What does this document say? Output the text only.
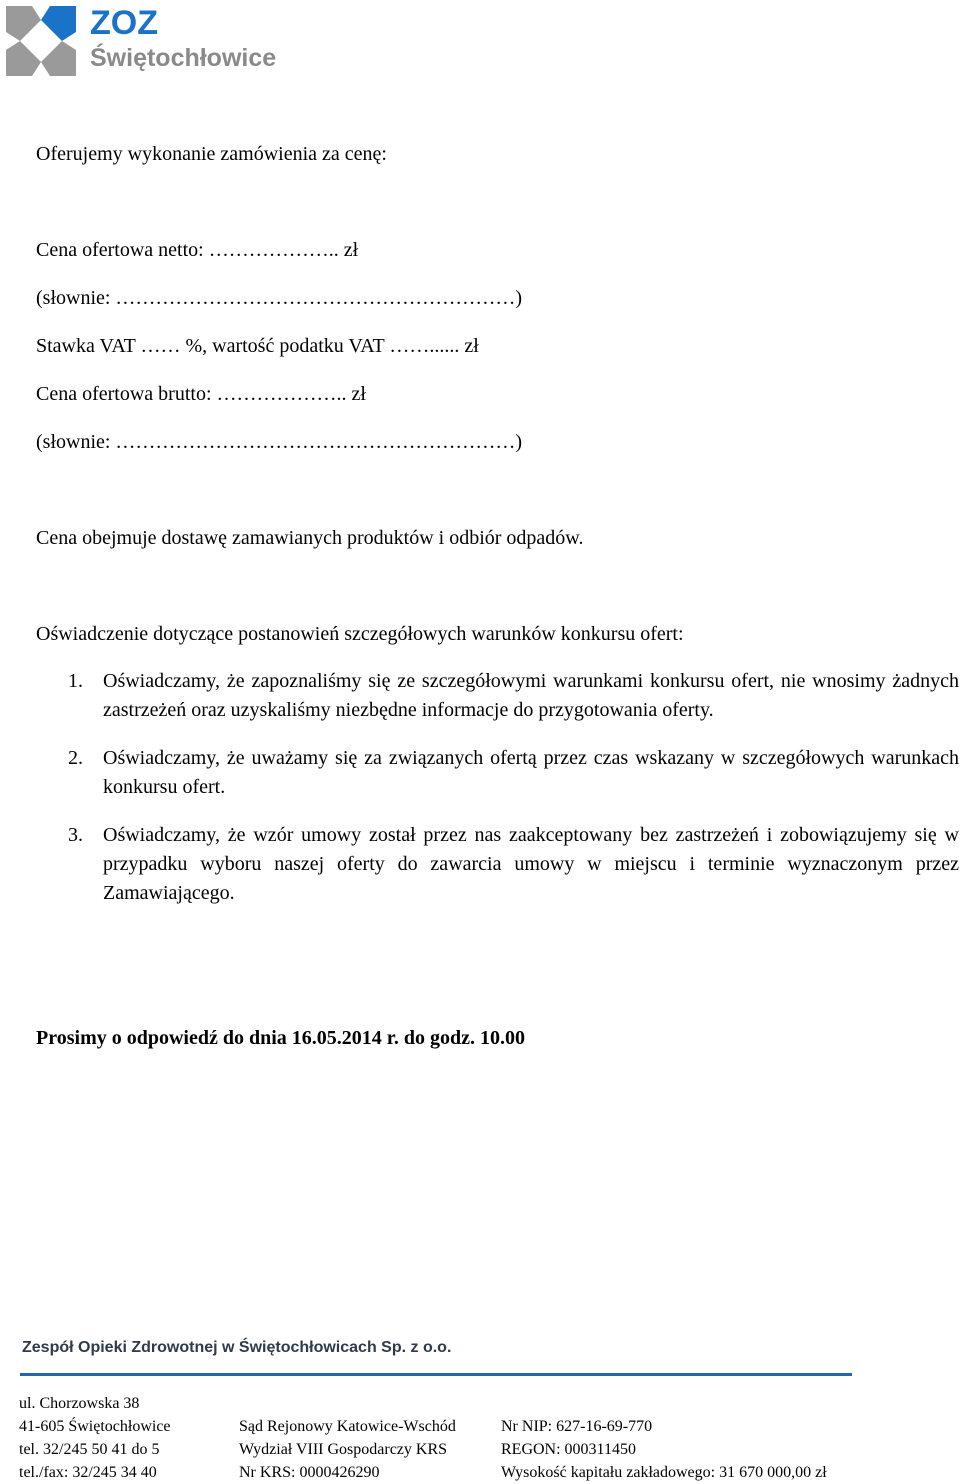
ZOZ
Świętochłowice
Oferujemy wykonanie zamówienia za cenę:
Cena ofertowa netto: ……………….. zł
(słownie: ……………………………………………………)
Stawka VAT …… %, wartość podatku VAT ……...... zł
Cena ofertowa brutto: ……………….. zł
(słownie: ……………………………………………………)
Cena obejmuje dostawę zamawianych produktów i odbiór odpadów.
Oświadczenie dotyczące postanowień szczegółowych warunków konkursu ofert:
1. Oświadczamy, że zapoznaliśmy się ze szczegółowymi warunkami konkursu ofert, nie wnosimy żadnych zastrzeżeń oraz uzyskaliśmy niezbędne informacje do przygotowania oferty.
2. Oświadczamy, że uważamy się za związanych ofertą przez czas wskazany w szczegółowych warunkach konkursu ofert.
3. Oświadczamy, że wzór umowy został przez nas zaakceptowany bez zastrzeżeń i zobowiązujemy się w przypadku wyboru naszej oferty do zawarcia umowy w miejscu i terminie wyznaczonym przez Zamawiającego.
Prosimy o odpowiedź do dnia 16.05.2014 r. do godz. 10.00
Zespół Opieki Zdrowotnej w Świętochłowicach Sp. z o.o.
ul. Chorzowska 38
41-605 Świętochłowice
tel. 32/245 50 41 do 5
tel./fax: 32/245 34 40
Sąd Rejonowy Katowice-Wschód
Wydział VIII Gospodarczy KRS
Nr KRS: 0000426290
Nr NIP: 627-16-69-770
REGON: 000311450
Wysokość kapitału zakładowego: 31 670 000,00 zł
